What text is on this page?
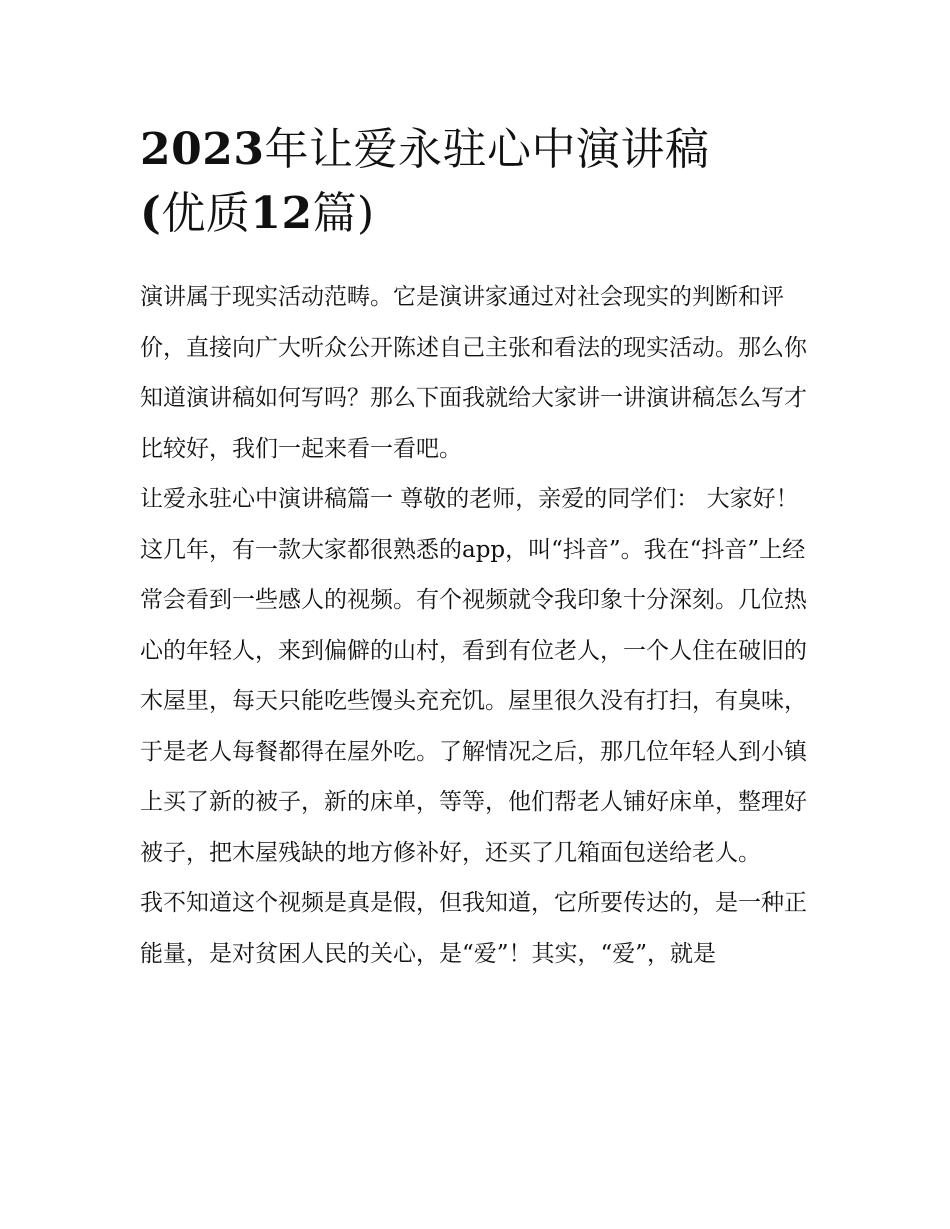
2023年让爱永驻心中演讲稿
(优质12篇)

演讲属于现实活动范畴。它是演讲家通过对社会现实的判断和评价，直接向广大听众公开陈述自己主张和看法的现实活动。那么你知道演讲稿如何写吗？那么下面我就给大家讲一讲演讲稿怎么写才比较好，我们一起来看一看吧。

让爱永驻心中演讲稿篇一 尊敬的老师，亲爱的同学们： 大家好！

这几年，有一款大家都很熟悉的app，叫“抖音”。我在“抖音”上经常会看到一些感人的视频。有个视频就令我印象十分深刻。几位热心的年轻人，来到偏僻的山村，看到有位老人，一个人住在破旧的木屋里，每天只能吃些馒头充充饥。屋里很久没有打扫，有臭味，于是老人每餐都得在屋外吃。了解情况之后，那几位年轻人到小镇上买了新的被子，新的床单，等等，他们帮老人铺好床单，整理好被子，把木屋残缺的地方修补好，还买了几箱面包送给老人。

我不知道这个视频是真是假，但我知道，它所要传达的，是一种正能量，是对贫困人民的关心，是“爱”！其实，“爱”，就是
